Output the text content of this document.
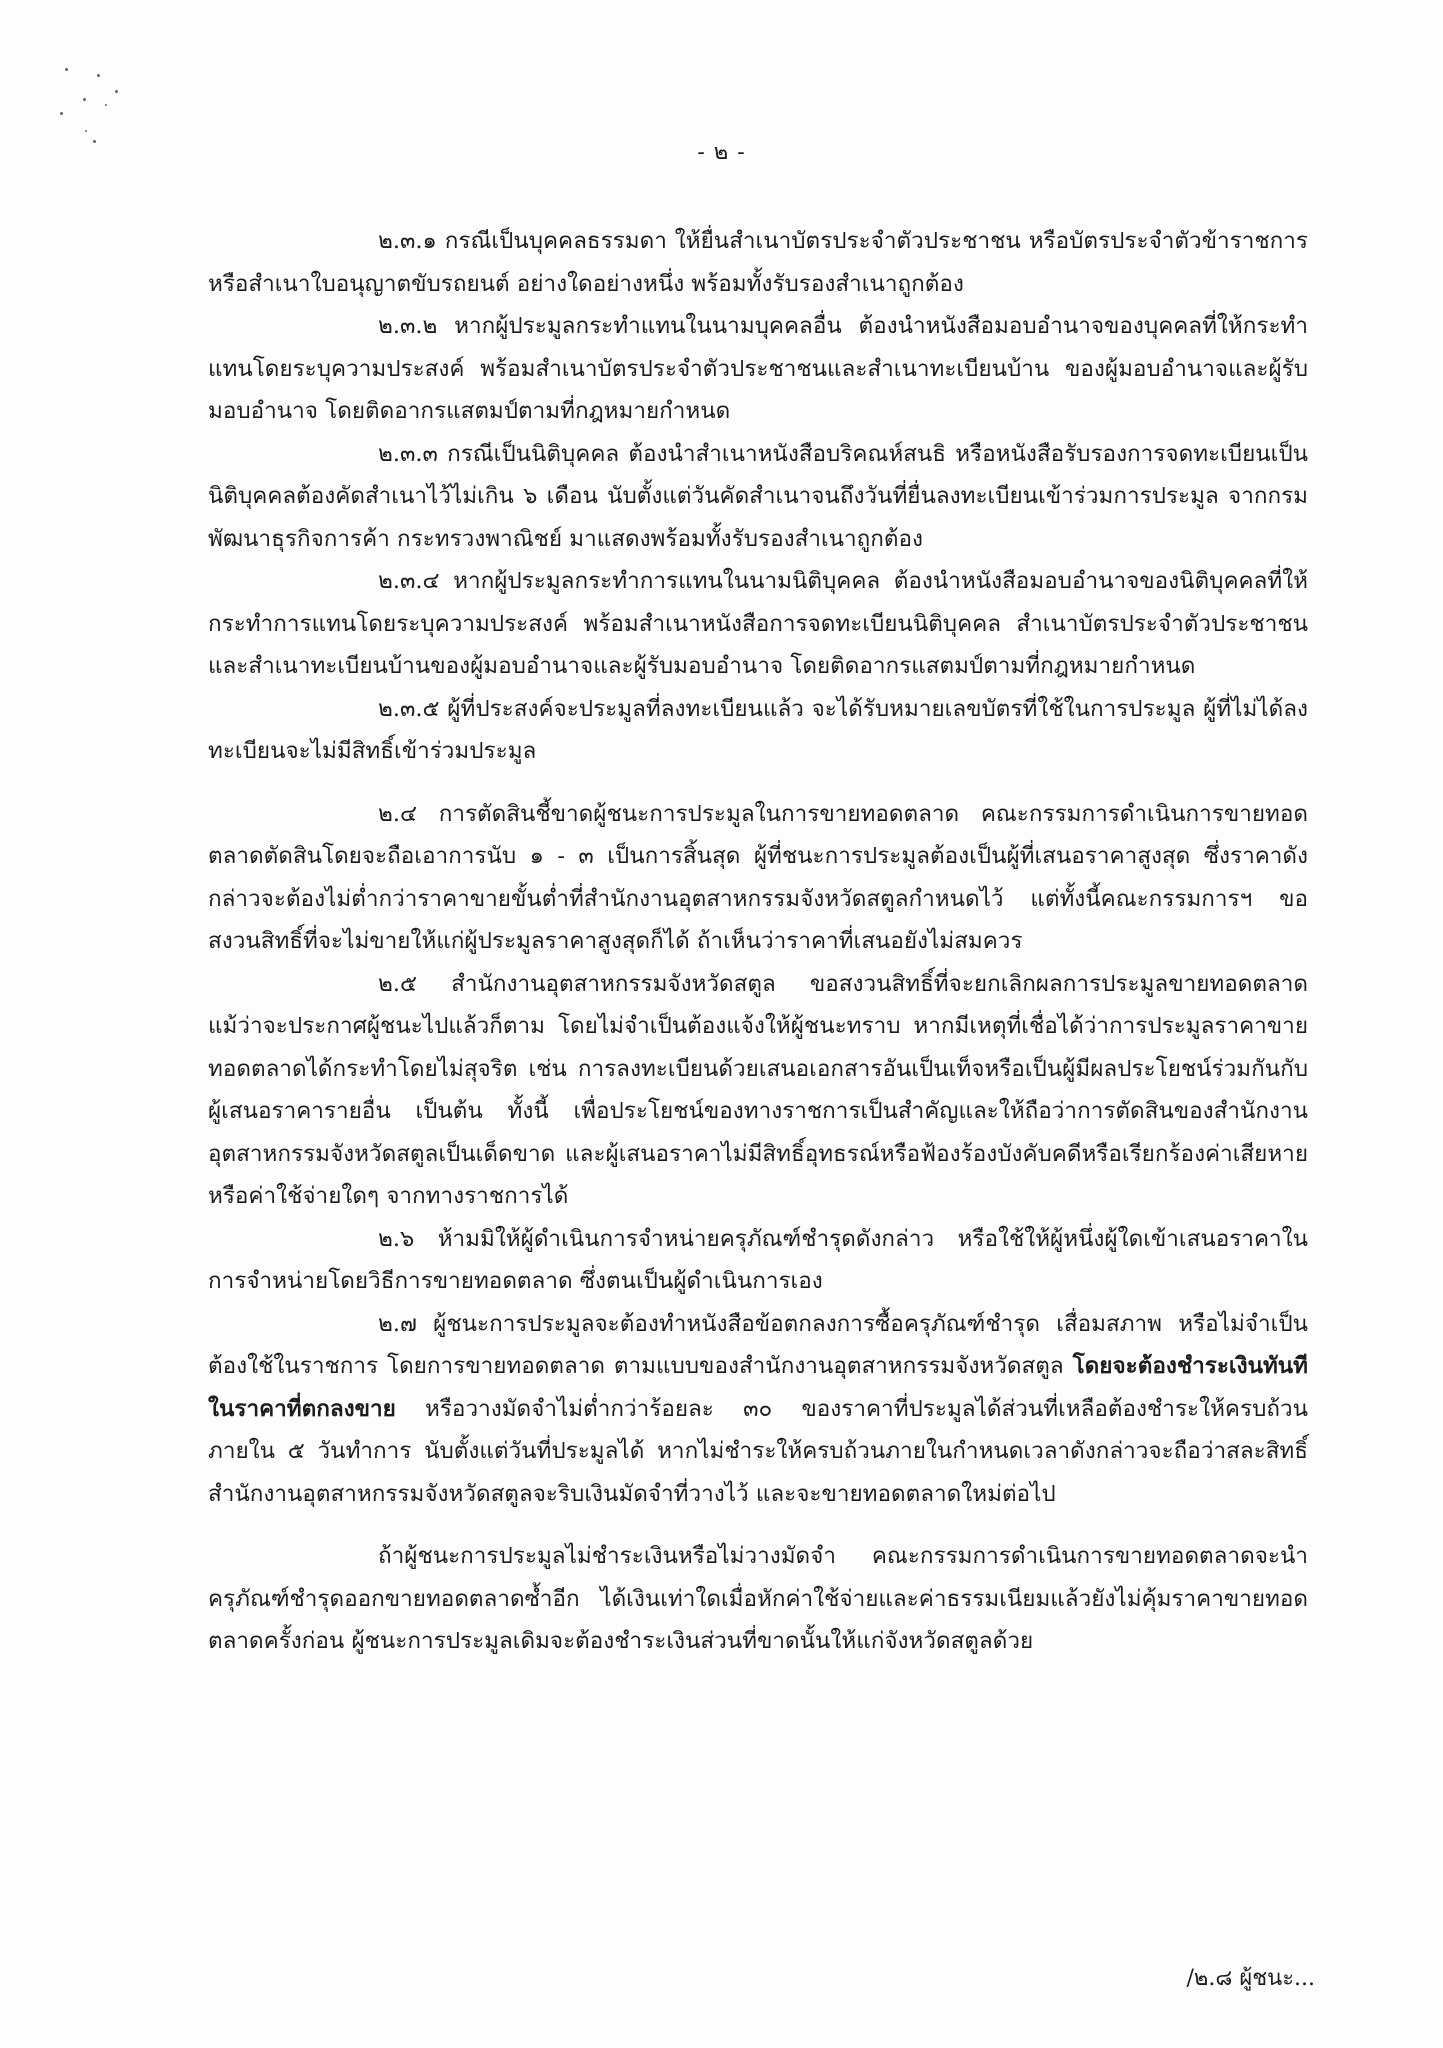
- ๒ -

๒.๓.๑ กรณีเป็นบุคคลธรรมดา ให้ยื่นสำเนาบัตรประจำตัวประชาชน หรือบัตรประจำตัวข้าราชการ หรือสำเนาใบอนุญาตขับรถยนต์ อย่างใดอย่างหนึ่ง พร้อมทั้งรับรองสำเนาถูกต้อง

๒.๓.๒ หากผู้ประมูลกระทำแทนในนามบุคคลอื่น ต้องนำหนังสือมอบอำนาจของบุคคลที่ให้กระทำแทนโดยระบุความประสงค์ พร้อมสำเนาบัตรประจำตัวประชาชนและสำเนาทะเบียนบ้าน ของผู้มอบอำนาจและผู้รับมอบอำนาจ โดยติดอากรแสตมป์ตามที่กฎหมายกำหนด

๒.๓.๓ กรณีเป็นนิติบุคคล ต้องนำสำเนาหนังสือบริคณห์สนธิ หรือหนังสือรับรองการจดทะเบียนเป็นนิติบุคคลต้องคัดสำเนาไว้ไม่เกิน ๖ เดือน นับตั้งแต่วันคัดสำเนาจนถึงวันที่ยื่นลงทะเบียนเข้าร่วมการประมูล จากกรมพัฒนาธุรกิจการค้า กระทรวงพาณิชย์ มาแสดงพร้อมทั้งรับรองสำเนาถูกต้อง

๒.๓.๔ หากผู้ประมูลกระทำการแทนในนามนิติบุคคล ต้องนำหนังสือมอบอำนาจของนิติบุคคลที่ให้กระทำการแทนโดยระบุความประสงค์ พร้อมสำเนาหนังสือการจดทะเบียนนิติบุคคล สำเนาบัตรประจำตัวประชาชน และสำเนาทะเบียนบ้านของผู้มอบอำนาจและผู้รับมอบอำนาจ โดยติดอากรแสตมป์ตามที่กฎหมายกำหนด

๒.๓.๕ ผู้ที่ประสงค์จะประมูลที่ลงทะเบียนแล้ว จะได้รับหมายเลขบัตรที่ใช้ในการประมูล ผู้ที่ไม่ได้ลงทะเบียนจะไม่มีสิทธิ์เข้าร่วมประมูล

๒.๔ การตัดสินชี้ขาดผู้ชนะการประมูลในการขายทอดตลาด คณะกรรมการดำเนินการขายทอดตลาดตัดสินโดยจะถือเอาการนับ ๑ - ๓ เป็นการสิ้นสุด ผู้ที่ชนะการประมูลต้องเป็นผู้ที่เสนอราคาสูงสุด ซึ่งราคาดังกล่าวจะต้องไม่ต่ำกว่าราคาขายขั้นต่ำที่สำนักงานอุตสาหกรรมจังหวัดสตูลกำหนดไว้ แต่ทั้งนี้คณะกรรมการฯ ขอสงวนสิทธิ์ที่จะไม่ขายให้แก่ผู้ประมูลราคาสูงสุดก็ได้ ถ้าเห็นว่าราคาที่เสนอยังไม่สมควร

๒.๕ สำนักงานอุตสาหกรรมจังหวัดสตูล ขอสงวนสิทธิ์ที่จะยกเลิกผลการประมูลขายทอดตลาดแม้ว่าจะประกาศผู้ชนะไปแล้วก็ตาม โดยไม่จำเป็นต้องแจ้งให้ผู้ชนะทราบ หากมีเหตุที่เชื่อได้ว่าการประมูลราคาขายทอดตลาดได้กระทำโดยไม่สุจริต เช่น การลงทะเบียนด้วยเสนอเอกสารอันเป็นเท็จหรือเป็นผู้มีผลประโยชน์ร่วมกันกับผู้เสนอราคารายอื่น เป็นต้น ทั้งนี้ เพื่อประโยชน์ของทางราชการเป็นสำคัญและให้ถือว่าการตัดสินของสำนักงานอุตสาหกรรมจังหวัดสตูลเป็นเด็ดขาด และผู้เสนอราคาไม่มีสิทธิ์อุทธรณ์หรือฟ้องร้องบังคับคดีหรือเรียกร้องค่าเสียหายหรือค่าใช้จ่ายใดๆ จากทางราชการได้

๒.๖ ห้ามมิให้ผู้ดำเนินการจำหน่ายครุภัณฑ์ชำรุดดังกล่าว หรือใช้ให้ผู้หนึ่งผู้ใดเข้าเสนอราคาในการจำหน่ายโดยวิธีการขายทอดตลาด ซึ่งตนเป็นผู้ดำเนินการเอง

๒.๗ ผู้ชนะการประมูลจะต้องทำหนังสือข้อตกลงการซื้อครุภัณฑ์ชำรุด เสื่อมสภาพ หรือไม่จำเป็นต้องใช้ในราชการ โดยการขายทอดตลาด ตามแบบของสำนักงานอุตสาหกรรมจังหวัดสตูล โดยจะต้องชำระเงินทันทีในราคาที่ตกลงขาย หรือวางมัดจำไม่ต่ำกว่าร้อยละ ๓๐ ของราคาที่ประมูลได้ส่วนที่เหลือต้องชำระให้ครบถ้วนภายใน ๕ วันทำการ นับตั้งแต่วันที่ประมูลได้ หากไม่ชำระให้ครบถ้วนภายในกำหนดเวลาดังกล่าวจะถือว่าสละสิทธิ์ สำนักงานอุตสาหกรรมจังหวัดสตูลจะริบเงินมัดจำที่วางไว้ และจะขายทอดตลาดใหม่ต่อไป

ถ้าผู้ชนะการประมูลไม่ชำระเงินหรือไม่วางมัดจำ คณะกรรมการดำเนินการขายทอดตลาดจะนำครุภัณฑ์ชำรุดออกขายทอดตลาดซ้ำอีก ได้เงินเท่าใดเมื่อหักค่าใช้จ่ายและค่าธรรมเนียมแล้วยังไม่คุ้มราคาขายทอดตลาดครั้งก่อน ผู้ชนะการประมูลเดิมจะต้องชำระเงินส่วนที่ขาดนั้นให้แก่จังหวัดสตูลด้วย

/๒.๘ ผู้ชนะ...
